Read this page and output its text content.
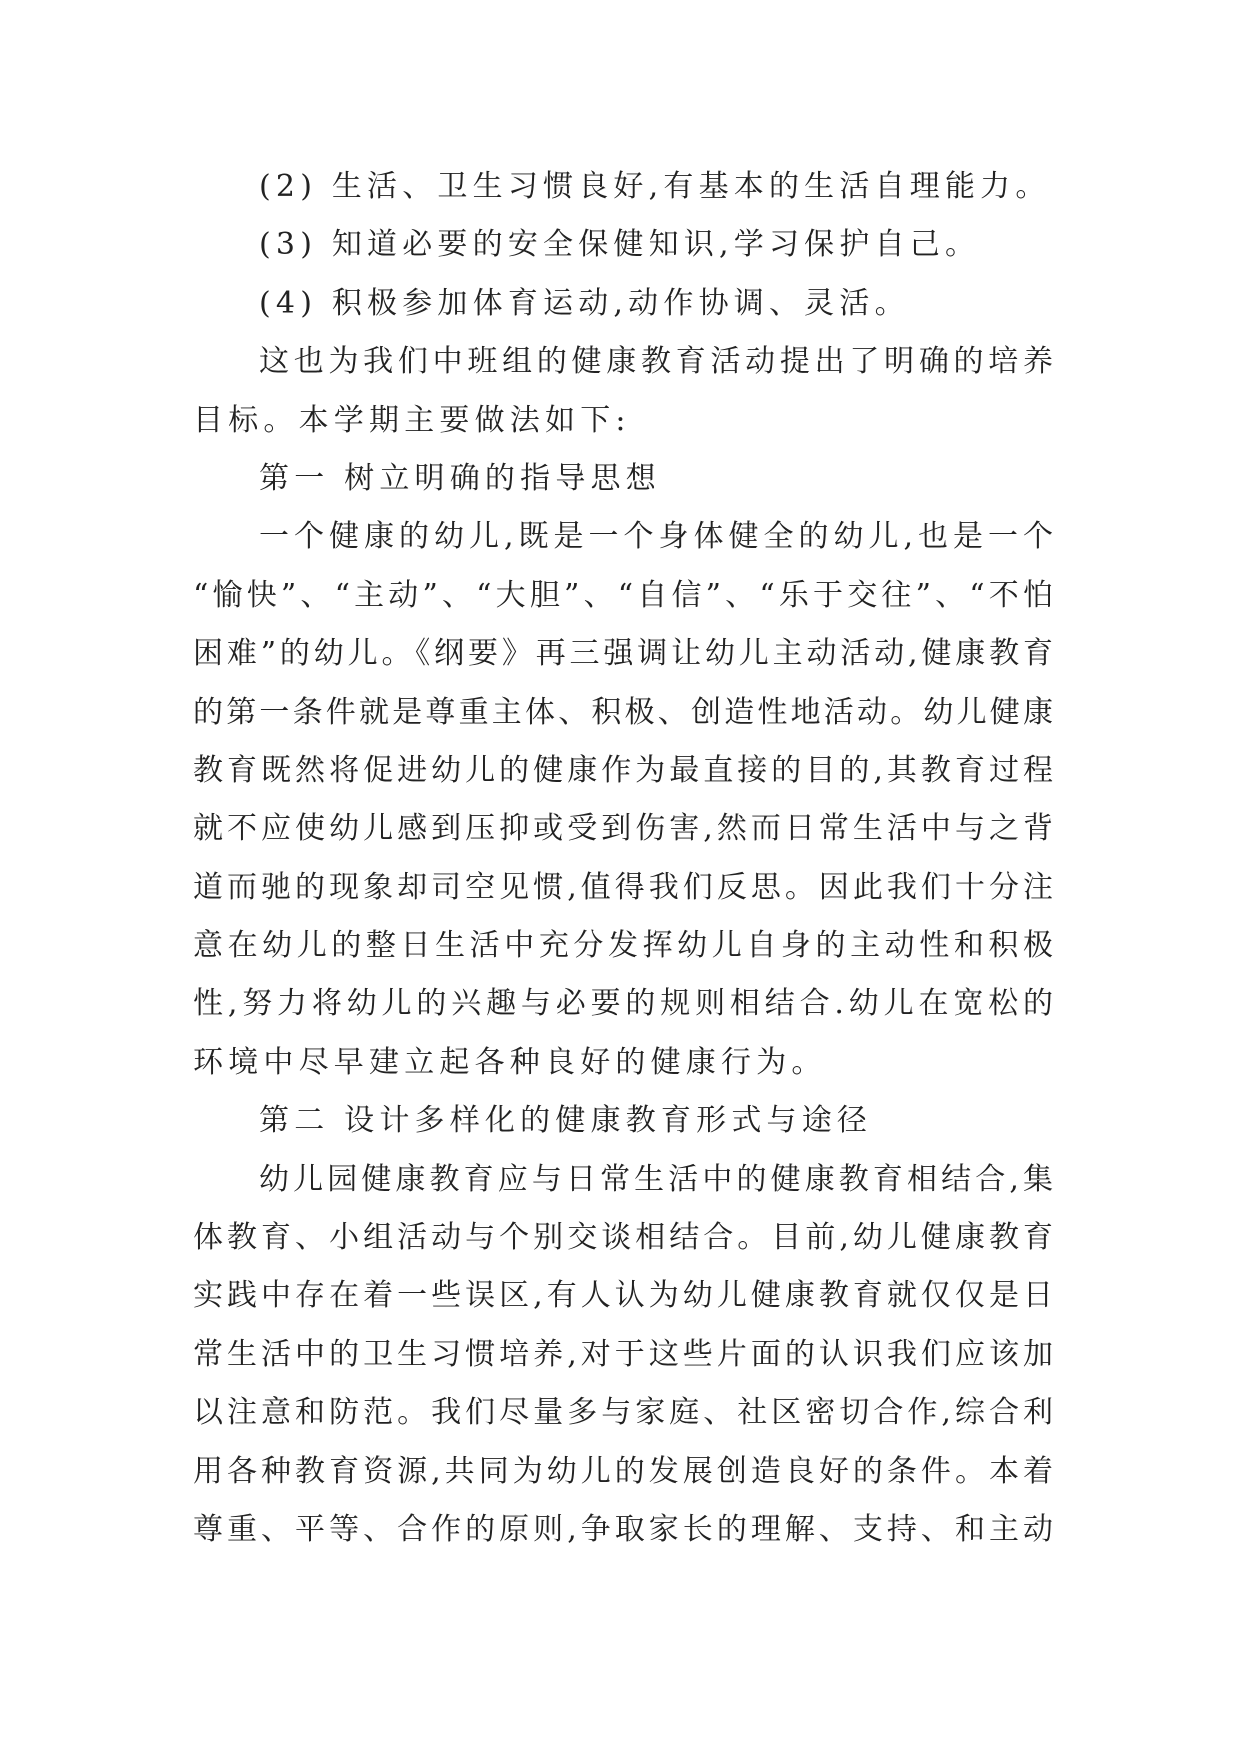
(2) 生活、卫生习惯良好,有基本的生活自理能力。
(3) 知道必要的安全保健知识,学习保护自己。
(4) 积极参加体育运动,动作协调、灵活。
这也为我们中班组的健康教育活动提出了明确的培养
目标。本学期主要做法如下:
第一 树立明确的指导思想
一个健康的幼儿,既是一个身体健全的幼儿,也是一个
“愉快”、“主动”、“大胆”、“自信”、“乐于交往”、“不怕
困难”的幼儿。《纲要》再三强调让幼儿主动活动,健康教育
的第一条件就是尊重主体、积极、创造性地活动。幼儿健康
教育既然将促进幼儿的健康作为最直接的目的,其教育过程
就不应使幼儿感到压抑或受到伤害,然而日常生活中与之背
道而驰的现象却司空见惯,值得我们反思。因此我们十分注
意在幼儿的整日生活中充分发挥幼儿自身的主动性和积极
性,努力将幼儿的兴趣与必要的规则相结合.幼儿在宽松的
环境中尽早建立起各种良好的健康行为。
第二 设计多样化的健康教育形式与途径
幼儿园健康教育应与日常生活中的健康教育相结合,集
体教育、小组活动与个别交谈相结合。目前,幼儿健康教育
实践中存在着一些误区,有人认为幼儿健康教育就仅仅是日
常生活中的卫生习惯培养,对于这些片面的认识我们应该加
以注意和防范。我们尽量多与家庭、社区密切合作,综合利
用各种教育资源,共同为幼儿的发展创造良好的条件。本着
尊重、平等、合作的原则,争取家长的理解、支持、和主动
